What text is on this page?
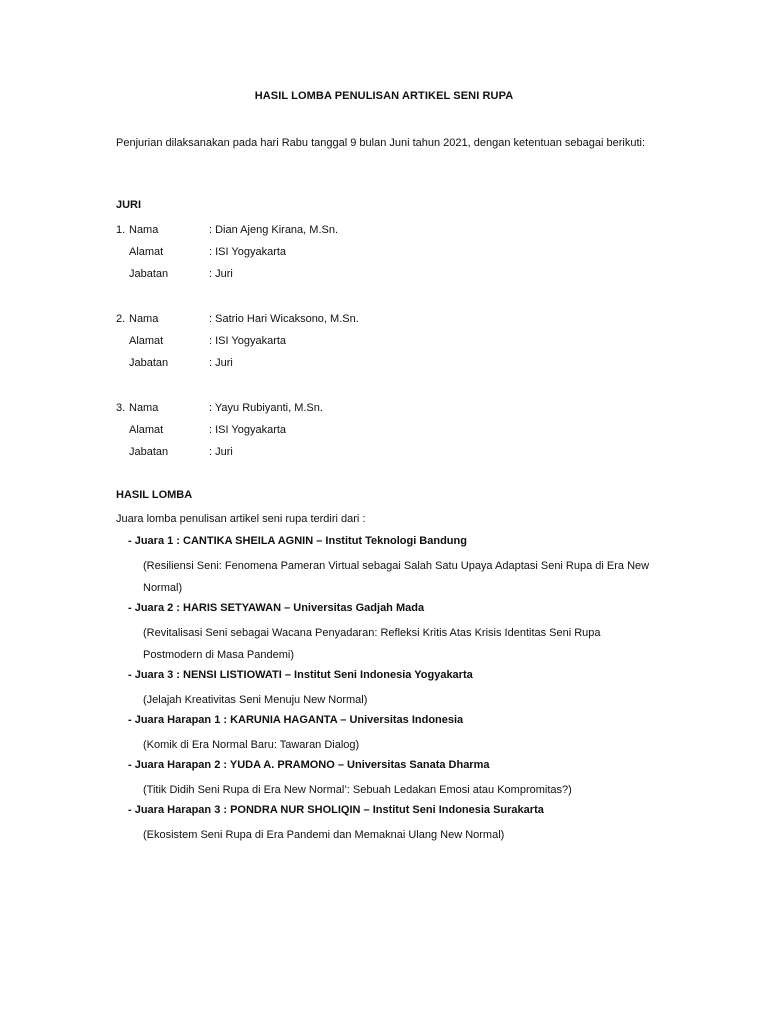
HASIL LOMBA PENULISAN ARTIKEL SENI RUPA
Penjurian dilaksanakan pada hari Rabu tanggal 9 bulan Juni tahun 2021, dengan ketentuan sebagai berikuti:
JURI
1. Nama	: Dian Ajeng Kirana, M.Sn.
Alamat	: ISI Yogyakarta
Jabatan	: Juri
2. Nama	: Satrio Hari Wicaksono, M.Sn.
Alamat	: ISI Yogyakarta
Jabatan	: Juri
3. Nama	: Yayu Rubiyanti, M.Sn.
Alamat	: ISI Yogyakarta
Jabatan	: Juri
HASIL LOMBA
Juara lomba penulisan artikel seni rupa terdiri dari :
- Juara 1 : CANTIKA SHEILA AGNIN – Institut Teknologi Bandung
(Resiliensi Seni: Fenomena Pameran Virtual sebagai Salah Satu Upaya Adaptasi Seni Rupa di Era New Normal)
- Juara 2 : HARIS SETYAWAN – Universitas Gadjah Mada
(Revitalisasi Seni sebagai Wacana Penyadaran: Refleksi Kritis Atas Krisis Identitas Seni Rupa Postmodern di Masa Pandemi)
- Juara 3 : NENSI LISTIOWATI – Institut Seni Indonesia Yogyakarta
(Jelajah Kreativitas Seni Menuju New Normal)
- Juara Harapan 1 : KARUNIA HAGANTA – Universitas Indonesia
(Komik di Era Normal Baru: Tawaran Dialog)
- Juara Harapan 2 : YUDA A. PRAMONO – Universitas Sanata Dharma
(Titik Didih Seni Rupa di Era New Normal’: Sebuah Ledakan Emosi atau Kompromitas?)
- Juara Harapan 3 : PONDRA NUR SHOLIQIN – Institut Seni Indonesia Surakarta
(Ekosistem Seni Rupa di Era Pandemi dan Memaknai Ulang New Normal)
